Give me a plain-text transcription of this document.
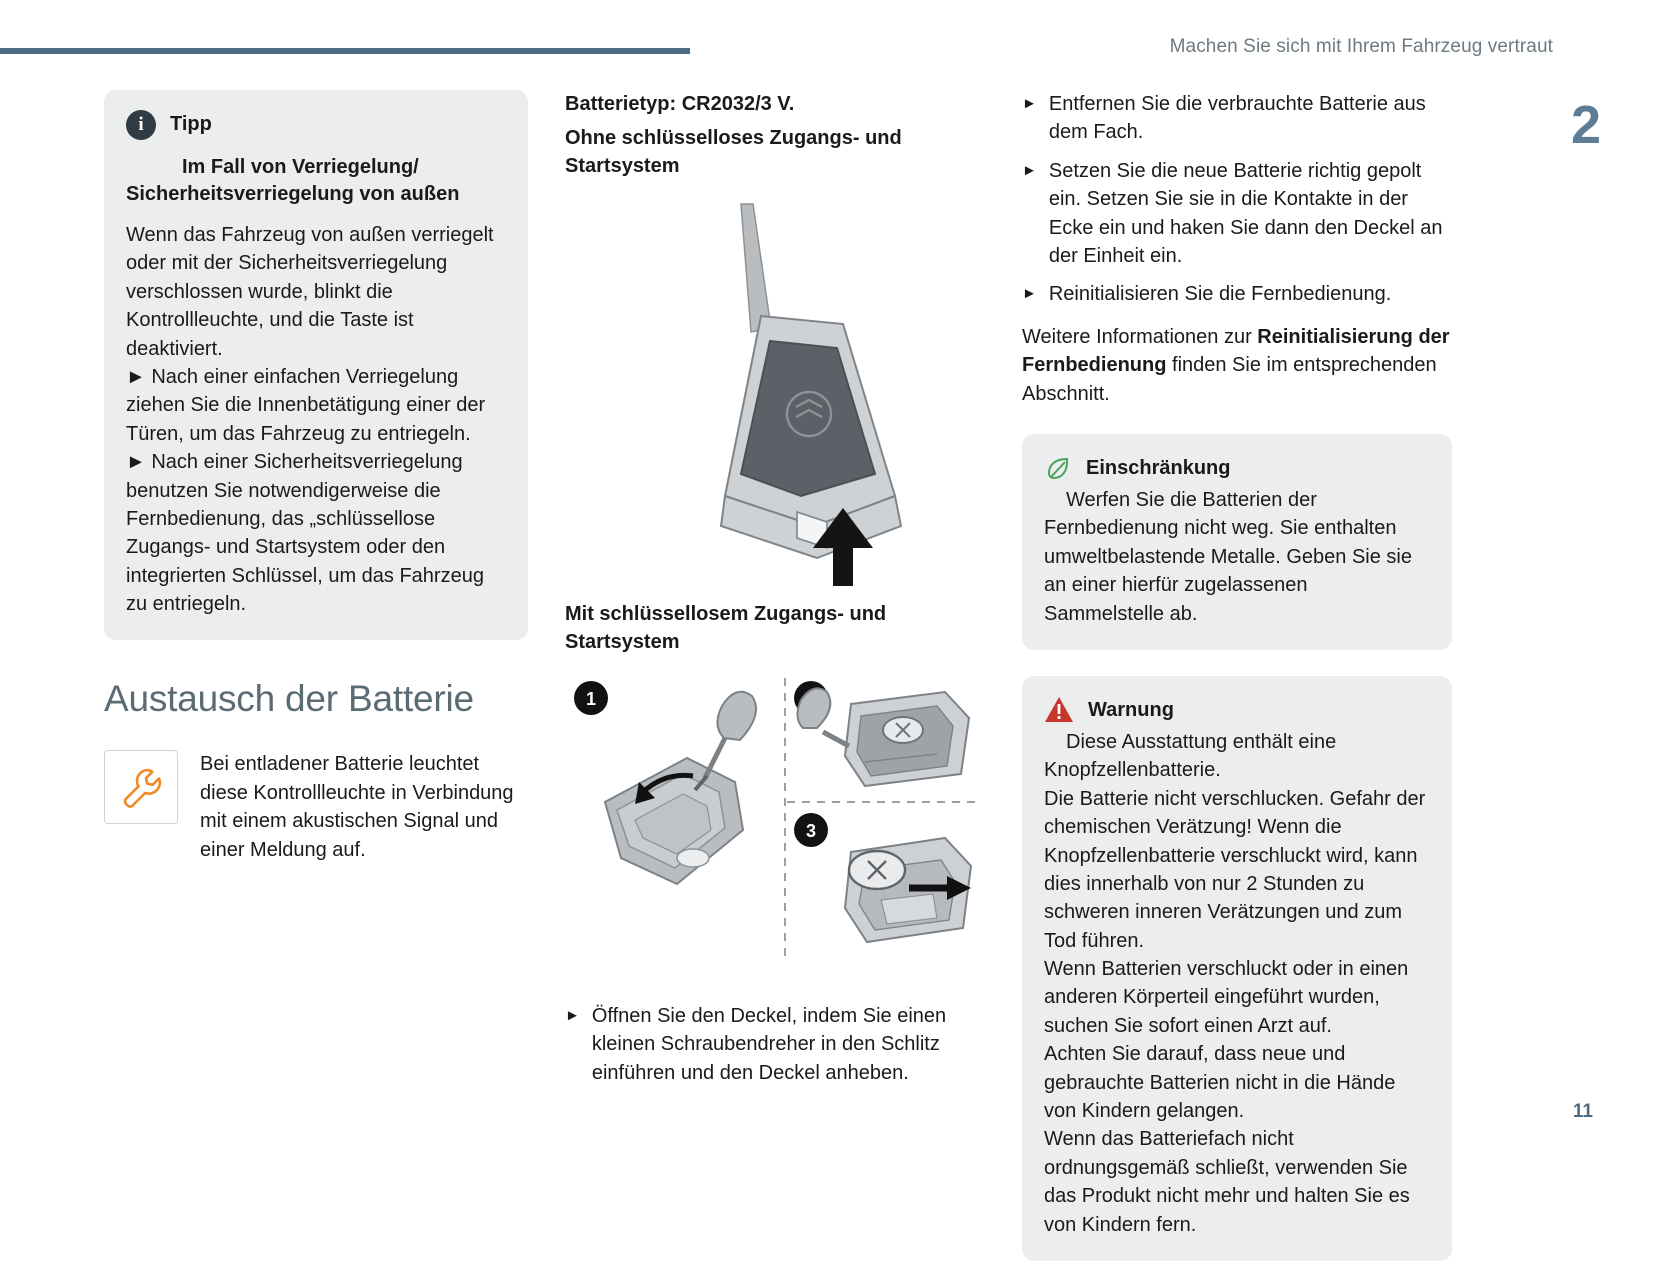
Machen Sie sich mit Ihrem Fahrzeug vertraut
2
11
i	Tipp
Im Fall von Verriegelung/
Sicherheitsverriegelung von außen

Wenn das Fahrzeug von außen verriegelt oder mit der Sicherheitsverriegelung verschlossen wurde, blinkt die Kontrollleuchte, und die Taste ist deaktiviert.

► Nach einer einfachen Verriegelung ziehen Sie die Innenbetätigung einer der Türen, um das Fahrzeug zu entriegeln.

► Nach einer Sicherheitsverriegelung benutzen Sie notwendigerweise die Fernbedienung, das „schlüssellose Zugangs- und Startsystem oder den integrierten Schlüssel, um das Fahrzeug zu entriegeln.

Austausch der Batterie
Bei entladener Batterie leuchtet diese Kontrollleuchte in Verbindung mit einem akustischen Signal und einer Meldung auf.
Batterietyp: CR2032/3 V.
Ohne schlüsselloses Zugangs- und Startsystem
Mit schlüssellosem Zugangs- und Startsystem
1
3
► Öffnen Sie den Deckel, indem Sie einen kleinen Schraubendreher in den Schlitz einführen und den Deckel anheben.
► Entfernen Sie die verbrauchte Batterie aus dem Fach.
► Setzen Sie die neue Batterie richtig gepolt ein. Setzen Sie sie in die Kontakte in der Ecke ein und haken Sie dann den Deckel an der Einheit ein.
► Reinitialisieren Sie die Fernbedienung.
Weitere Informationen zur Reinitialisierung der Fernbedienung finden Sie im entsprechenden Abschnitt.
Einschränkung
Werfen Sie die Batterien der Fernbedienung nicht weg. Sie enthalten umweltbelastende Metalle. Geben Sie sie an einer hierfür zugelassenen Sammelstelle ab.
Warnung

Diese Ausstattung enthält eine Knopfzellenbatterie.

Die Batterie nicht verschlucken. Gefahr der chemischen Verätzung! Wenn die Knopfzellenbatterie verschluckt wird, kann dies innerhalb von nur 2 Stunden zu schweren inneren Verätzungen und zum Tod führen.

Wenn Batterien verschluckt oder in einen anderen Körperteil eingeführt wurden, suchen Sie sofort einen Arzt auf.

Achten Sie darauf, dass neue und gebrauchte Batterien nicht in die Hände von Kindern gelangen.

Wenn das Batteriefach nicht ordnungsgemäß schließt, verwenden Sie das Produkt nicht mehr und halten Sie es von Kindern fern.
